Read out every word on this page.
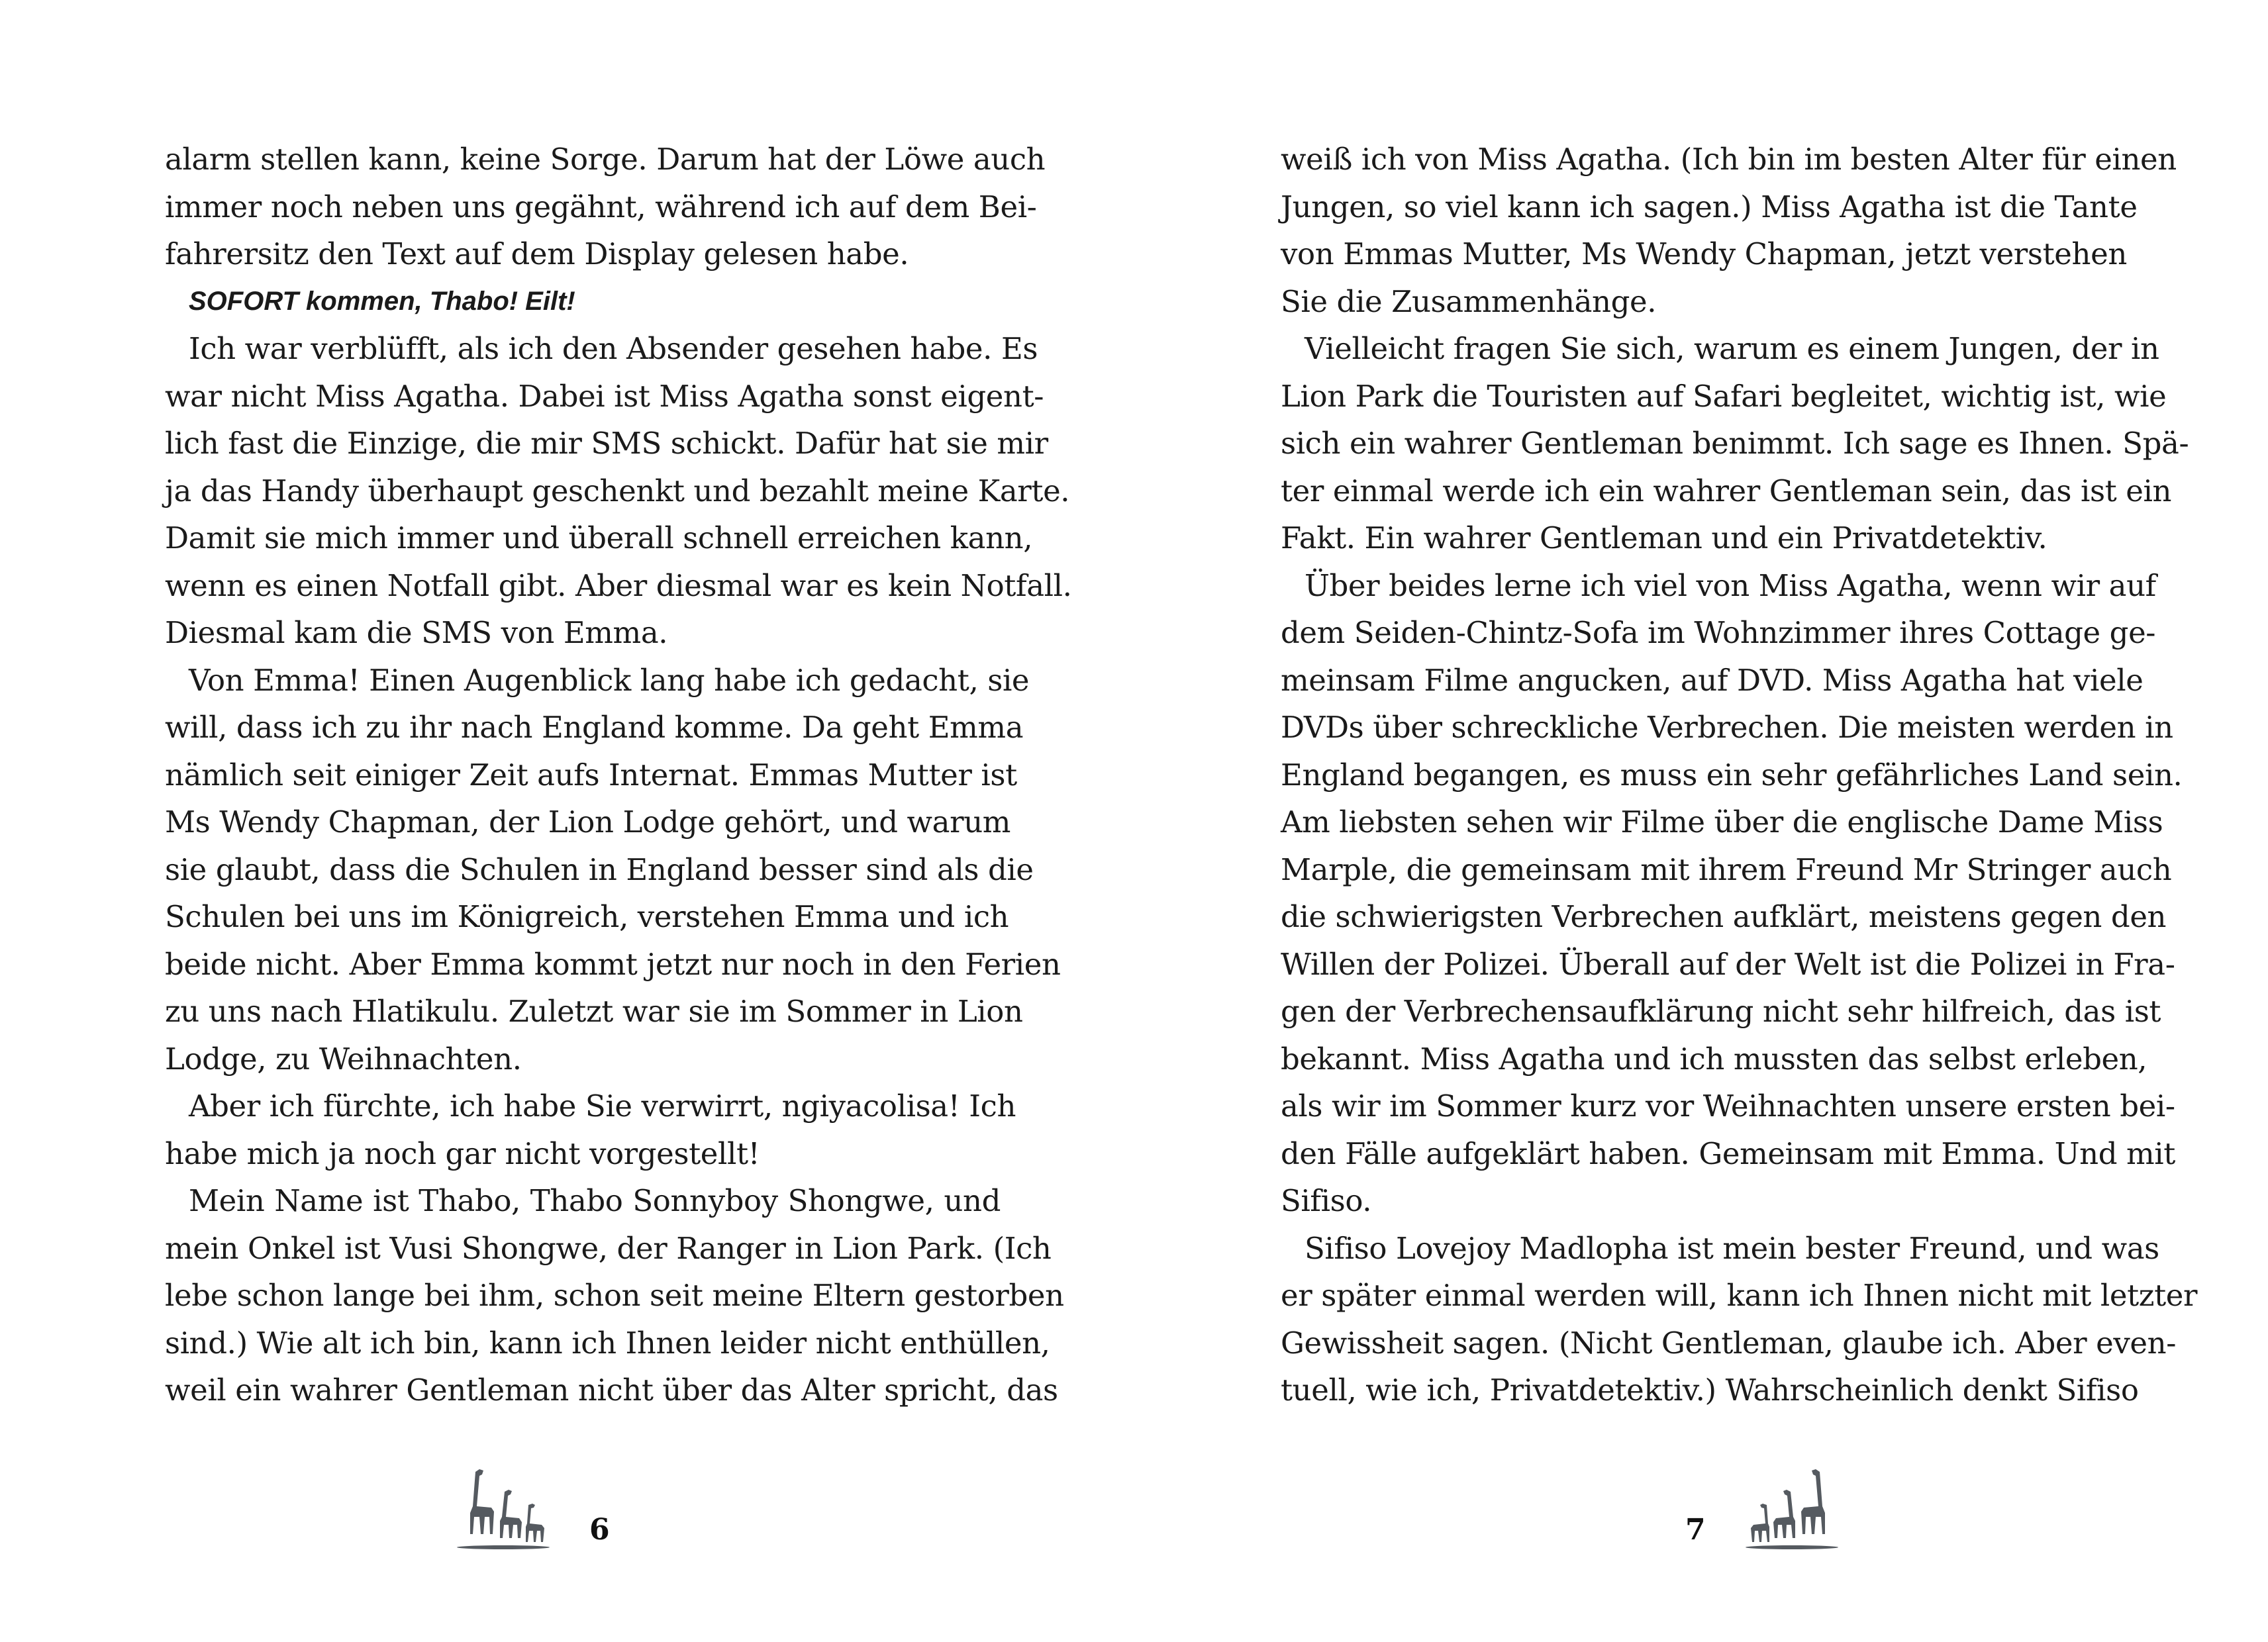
alarm stellen kann, keine Sorge. Darum hat der Löwe auch
immer noch neben uns gegähnt, während ich auf dem Bei-
fahrersitz den Text auf dem Display gelesen habe.
SOFORT kommen, Thabo! Eilt!
Ich war verblüfft, als ich den Absender gesehen habe. Es
war nicht Miss Agatha. Dabei ist Miss Agatha sonst eigent-
lich fast die Einzige, die mir SMS schickt. Dafür hat sie mir
ja das Handy überhaupt geschenkt und bezahlt meine Karte.
Damit sie mich immer und überall schnell erreichen kann,
wenn es einen Notfall gibt. Aber diesmal war es kein Notfall.
Diesmal kam die SMS von Emma.
Von Emma! Einen Augenblick lang habe ich gedacht, sie
will, dass ich zu ihr nach England komme. Da geht Emma
nämlich seit einiger Zeit aufs Internat. Emmas Mutter ist
Ms Wendy Chapman, der Lion Lodge gehört, und warum
sie glaubt, dass die Schulen in England besser sind als die
Schulen bei uns im Königreich, verstehen Emma und ich
beide nicht. Aber Emma kommt jetzt nur noch in den Ferien
zu uns nach Hlatikulu. Zuletzt war sie im Sommer in Lion
Lodge, zu Weihnachten.
Aber ich fürchte, ich habe Sie verwirrt, ngiyacolisa! Ich
habe mich ja noch gar nicht vorgestellt!
Mein Name ist Thabo, Thabo Sonnyboy Shongwe, und
mein Onkel ist Vusi Shongwe, der Ranger in Lion Park. (Ich
lebe schon lange bei ihm, schon seit meine Eltern gestorben
sind.) Wie alt ich bin, kann ich Ihnen leider nicht enthüllen,
weil ein wahrer Gentleman nicht über das Alter spricht, das
weiß ich von Miss Agatha. (Ich bin im besten Alter für einen
Jungen, so viel kann ich sagen.) Miss Agatha ist die Tante
von Emmas Mutter, Ms Wendy Chapman, jetzt verstehen
Sie die Zusammenhänge.
Vielleicht fragen Sie sich, warum es einem Jungen, der in
Lion Park die Touristen auf Safari begleitet, wichtig ist, wie
sich ein wahrer Gentleman benimmt. Ich sage es Ihnen. Spä-
ter einmal werde ich ein wahrer Gentleman sein, das ist ein
Fakt. Ein wahrer Gentleman und ein Privatdetektiv.
Über beides lerne ich viel von Miss Agatha, wenn wir auf
dem Seiden-Chintz-Sofa im Wohnzimmer ihres Cottage ge-
meinsam Filme angucken, auf DVD. Miss Agatha hat viele
DVDs über schreckliche Verbrechen. Die meisten werden in
England begangen, es muss ein sehr gefährliches Land sein.
Am liebsten sehen wir Filme über die englische Dame Miss
Marple, die gemeinsam mit ihrem Freund Mr Stringer auch
die schwierigsten Verbrechen aufklärt, meistens gegen den
Willen der Polizei. Überall auf der Welt ist die Polizei in Fra-
gen der Verbrechensaufklärung nicht sehr hilfreich, das ist
bekannt. Miss Agatha und ich mussten das selbst erleben,
als wir im Sommer kurz vor Weihnachten unsere ersten bei-
den Fälle aufgeklärt haben. Gemeinsam mit Emma. Und mit
Sifiso.
Sifiso Lovejoy Madlopha ist mein bester Freund, und was
er später einmal werden will, kann ich Ihnen nicht mit letzter
Gewissheit sagen. (Nicht Gentleman, glaube ich. Aber even-
tuell, wie ich, Privatdetektiv.) Wahrscheinlich denkt Sifiso
6	7
